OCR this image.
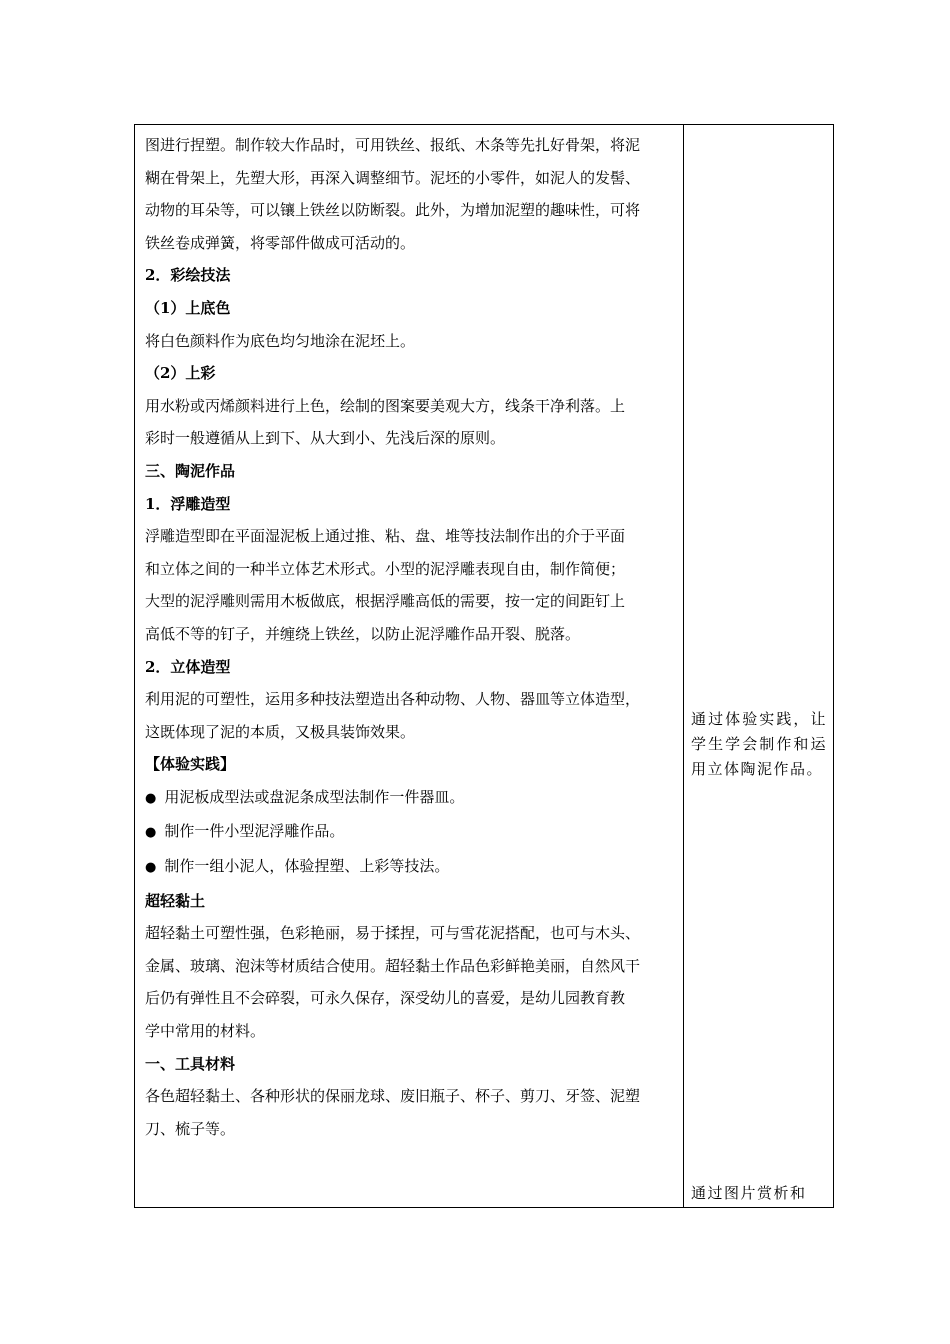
图进行捏塑。制作较大作品时，可用铁丝、报纸、木条等先扎好骨架，将泥

糊在骨架上，先塑大形，再深入调整细节。泥坯的小零件，如泥人的发髻、

动物的耳朵等，可以镶上铁丝以防断裂。此外，为增加泥塑的趣味性，可将

铁丝卷成弹簧，将零部件做成可活动的。

2．彩绘技法

（1）上底色

将白色颜料作为底色均匀地涂在泥坯上。

（2）上彩

用水粉或丙烯颜料进行上色，绘制的图案要美观大方，线条干净利落。上

彩时一般遵循从上到下、从大到小、先浅后深的原则。

三、陶泥作品

1．浮雕造型

浮雕造型即在平面湿泥板上通过推、粘、盘、堆等技法制作出的介于平面

和立体之间的一种半立体艺术形式。小型的泥浮雕表现自由，制作简便；

大型的泥浮雕则需用木板做底，根据浮雕高低的需要，按一定的间距钉上

高低不等的钉子，并缠绕上铁丝，以防止泥浮雕作品开裂、脱落。

2．立体造型

利用泥的可塑性，运用多种技法塑造出各种动物、人物、器皿等立体造型，

这既体现了泥的本质，又极具装饰效果。

【体验实践】

● 用泥板成型法或盘泥条成型法制作一件器皿。

● 制作一件小型泥浮雕作品。

● 制作一组小泥人，体验捏塑、上彩等技法。

超轻黏土

超轻黏土可塑性强，色彩艳丽，易于揉捏，可与雪花泥搭配，也可与木头、

金属、玻璃、泡沫等材质结合使用。超轻黏土作品色彩鲜艳美丽，自然风干

后仍有弹性且不会碎裂，可永久保存，深受幼儿的喜爱，是幼儿园教育教

学中常用的材料。

一、工具材料

各色超轻黏土、各种形状的保丽龙球、废旧瓶子、杯子、剪刀、牙签、泥塑

刀、梳子等。

通过体验实践，让学生学会制作和运用立体陶泥作品。
通过图片赏析和
